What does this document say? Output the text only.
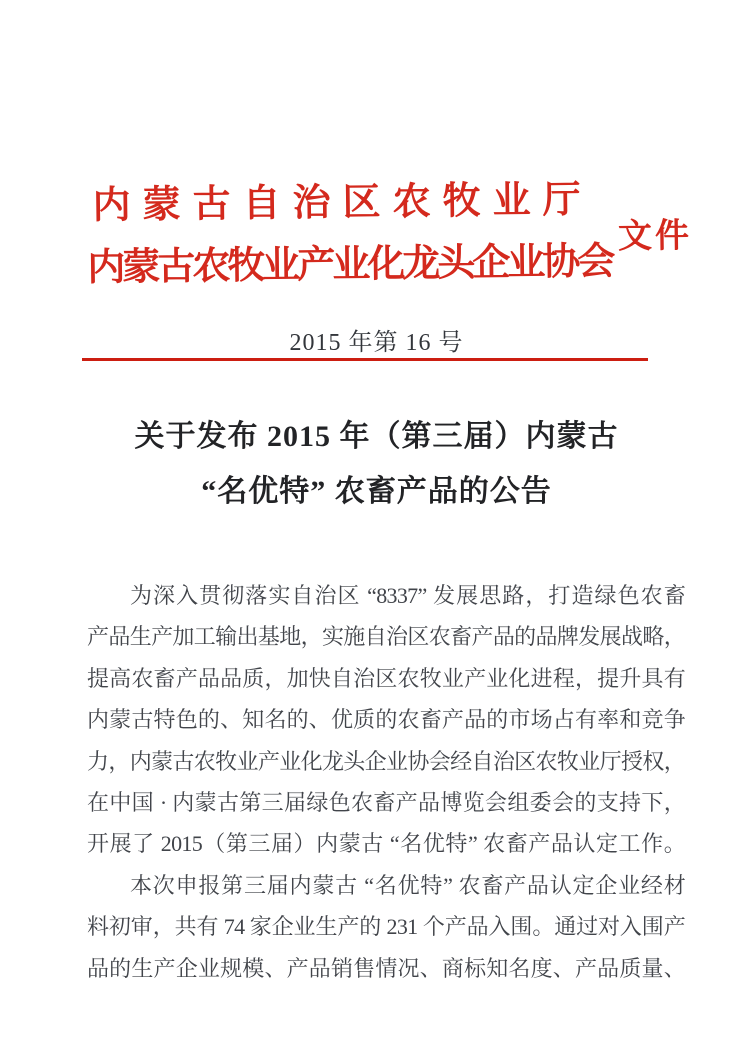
内蒙古自治区农牧业厅
内蒙古农牧业产业化龙头企业协会
文件
2015 年第 16 号
关于发布 2015 年（第三届）内蒙古
“名优特” 农畜产品的公告
为深入贯彻落实自治区 “8337” 发展思路，打造绿色农畜
产品生产加工输出基地，实施自治区农畜产品的品牌发展战略，
提高农畜产品品质，加快自治区农牧业产业化进程，提升具有
内蒙古特色的、知名的、优质的农畜产品的市场占有率和竞争
力，内蒙古农牧业产业化龙头企业协会经自治区农牧业厅授权，
在中国 · 内蒙古第三届绿色农畜产品博览会组委会的支持下，
开展了 2015（第三届）内蒙古 “名优特” 农畜产品认定工作。
本次申报第三届内蒙古 “名优特” 农畜产品认定企业经材
料初审，共有 74 家企业生产的 231 个产品入围。通过对入围产
品的生产企业规模、产品销售情况、商标知名度、产品质量、
